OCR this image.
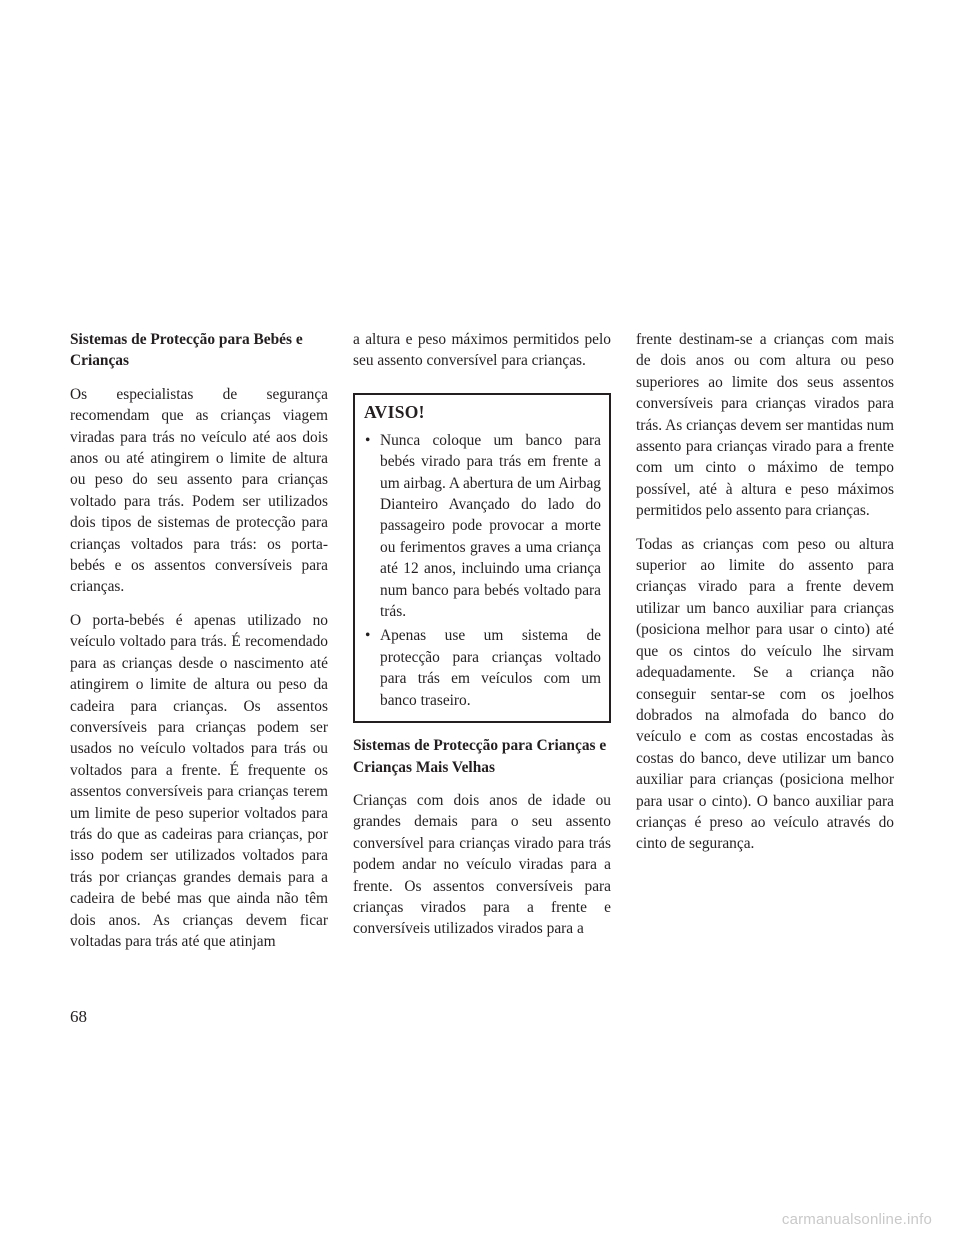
Sistemas de Protecção para Bebés e Crianças

Os especialistas de segurança recomendam que as crianças viagem viradas para trás no veículo até aos dois anos ou até atingirem o limite de altura ou peso do seu assento para crianças voltado para trás. Podem ser utilizados dois tipos de sistemas de protecção para crianças voltados para trás: os porta-bebés e os assentos conversíveis para crianças.

O porta-bebés é apenas utilizado no veículo voltado para trás. É recomendado para as crianças desde o nascimento até atingirem o limite de altura ou peso da cadeira para crianças. Os assentos conversíveis para crianças podem ser usados no veículo voltados para trás ou voltados para a frente. É frequente os assentos conversíveis para crianças terem um limite de peso superior voltados para trás do que as cadeiras para crianças, por isso podem ser utilizados voltados para trás por crianças grandes demais para a cadeira de bebé mas que ainda não têm dois anos. As crianças devem ficar voltadas para trás até que atinjam

a altura e peso máximos permitidos pelo seu assento conversível para crianças.

AVISO!
• Nunca coloque um banco para bebés virado para trás em frente a um airbag. A abertura de um Airbag Dianteiro Avançado do lado do passageiro pode provocar a morte ou ferimentos graves a uma criança até 12 anos, incluindo uma criança num banco para bebés voltado para trás.
• Apenas use um sistema de protecção para crianças voltado para trás em veículos com um banco traseiro.
Sistemas de Protecção para Crianças e Crianças Mais Velhas

Crianças com dois anos de idade ou grandes demais para o seu assento conversível para crianças virado para trás podem andar no veículo viradas para a frente. Os assentos conversíveis para crianças virados para a frente e conversíveis utilizados virados para a

frente destinam-se a crianças com mais de dois anos ou com altura ou peso superiores ao limite dos seus assentos conversíveis para crianças virados para trás. As crianças devem ser mantidas num assento para crianças virado para a frente com um cinto o máximo de tempo possível, até à altura e peso máximos permitidos pelo assento para crianças.

Todas as crianças com peso ou altura superior ao limite do assento para crianças virado para a frente devem utilizar um banco auxiliar para crianças (posiciona melhor para usar o cinto) até que os cintos do veículo lhe sirvam adequadamente. Se a criança não conseguir sentar-se com os joelhos dobrados na almofada do banco do veículo e com as costas encostadas às costas do banco, deve utilizar um banco auxiliar para crianças (posiciona melhor para usar o cinto). O banco auxiliar para crianças é preso ao veículo através do cinto de segurança.

68
carmanualsonline.info
